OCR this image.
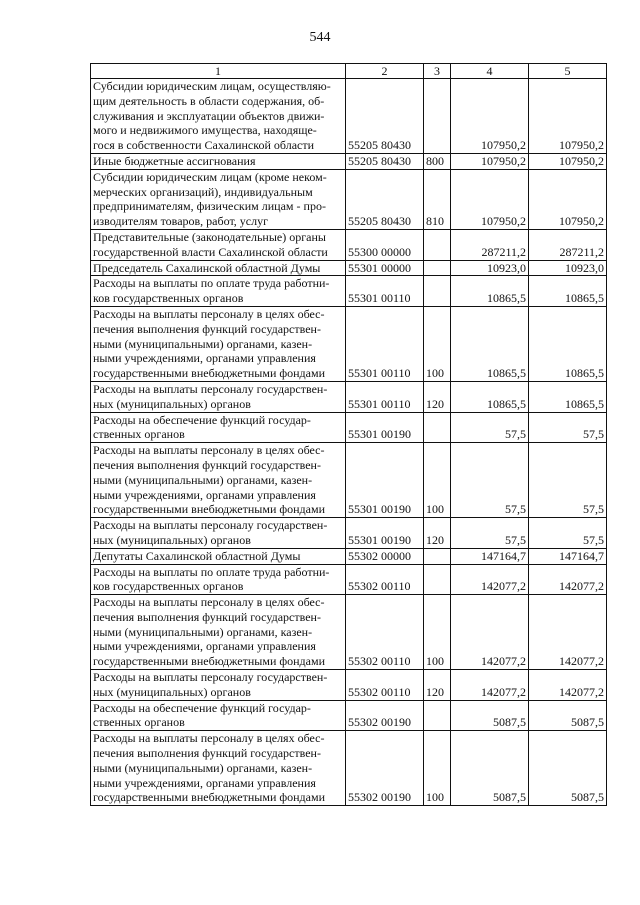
544
1	2	3	4	5
Субсидии юридическим лицам, осуществляю-
щим деятельность в области содержания, об-
служивания и эксплуатации объектов движи-
мого и недвижимого имущества, находяще-
гося в собственности Сахалинской области	55205 80430		107950,2	107950,2
Иные бюджетные ассигнования	55205 80430	800	107950,2	107950,2
Субсидии юридическим лицам (кроме неком-
мерческих организаций), индивидуальным
предпринимателям, физическим лицам - про-
изводителям товаров, работ, услуг	55205 80430	810	107950,2	107950,2
Представительные (законодательные) органы
государственной власти Сахалинской области	55300 00000		287211,2	287211,2
Председатель Сахалинской областной Думы	55301 00000		10923,0	10923,0
Расходы на выплаты по оплате труда работни-
ков государственных органов	55301 00110		10865,5	10865,5
Расходы на выплаты персоналу в целях обес-
печения выполнения функций государствен-
ными (муниципальными) органами, казен-
ными учреждениями, органами управления
государственными внебюджетными фондами	55301 00110	100	10865,5	10865,5
Расходы на выплаты персоналу государствен-
ных (муниципальных) органов	55301 00110	120	10865,5	10865,5
Расходы на обеспечение функций государ-
ственных органов	55301 00190		57,5	57,5
Расходы на выплаты персоналу в целях обес-
печения выполнения функций государствен-
ными (муниципальными) органами, казен-
ными учреждениями, органами управления
государственными внебюджетными фондами	55301 00190	100	57,5	57,5
Расходы на выплаты персоналу государствен-
ных (муниципальных) органов	55301 00190	120	57,5	57,5
Депутаты Сахалинской областной Думы	55302 00000		147164,7	147164,7
Расходы на выплаты по оплате труда работни-
ков государственных органов	55302 00110		142077,2	142077,2
Расходы на выплаты персоналу в целях обес-
печения выполнения функций государствен-
ными (муниципальными) органами, казен-
ными учреждениями, органами управления
государственными внебюджетными фондами	55302 00110	100	142077,2	142077,2
Расходы на выплаты персоналу государствен-
ных (муниципальных) органов	55302 00110	120	142077,2	142077,2
Расходы на обеспечение функций государ-
ственных органов	55302 00190		5087,5	5087,5
Расходы на выплаты персоналу в целях обес-
печения выполнения функций государствен-
ными (муниципальными) органами, казен-
ными учреждениями, органами управления
государственными внебюджетными фондами	55302 00190	100	5087,5	5087,5
